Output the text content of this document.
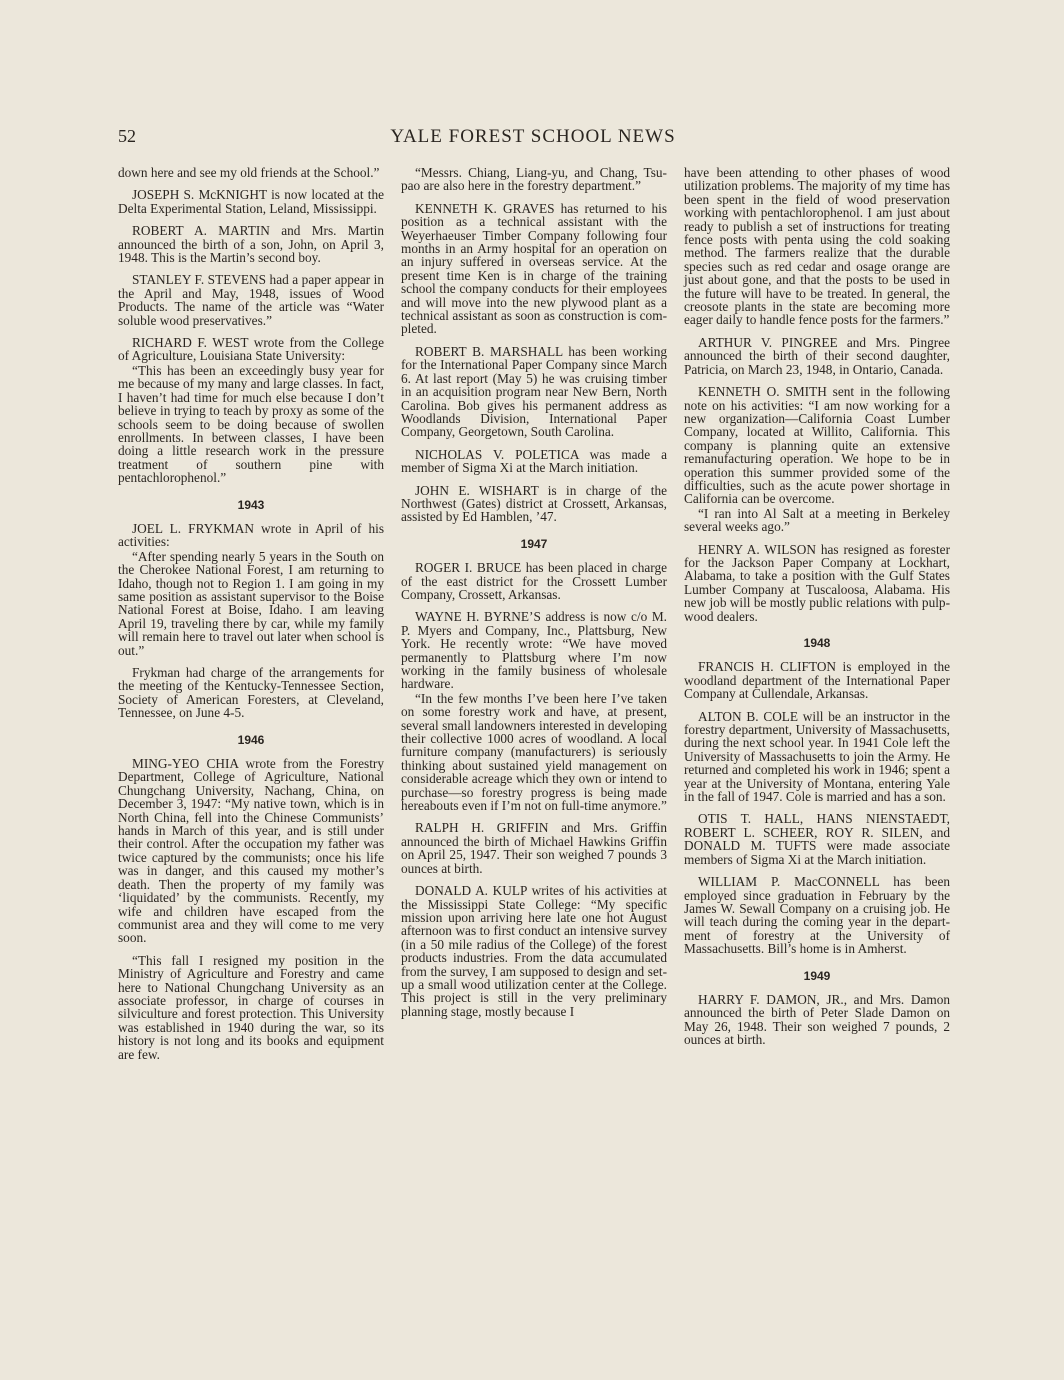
52	YALE FOREST SCHOOL NEWS

down here and see my old friends at the School.”

JOSEPH S. McKNIGHT is now located at the Delta Experimental Station, Leland, Mississippi.

ROBERT A. MARTIN and Mrs. Martin announced the birth of a son, John, on April 3, 1948. This is the Martin’s second boy.

STANLEY F. STEVENS had a paper appear in the April and May, 1948, issues of Wood Products. The name of the article was “Water soluble wood preservatives.”

RICHARD F. WEST wrote from the College of Agriculture, Louisiana State University:

“This has been an exceedingly busy year for me because of my many and large classes. In fact, I haven’t had time for much else because I don’t believe in trying to teach by proxy as some of the schools seem to be doing because of swollen enrollments. In between classes, I have been doing a little research work in the pressure treatment of southern pine with pentachlorophenol.”

1943

JOEL L. FRYKMAN wrote in April of his activities:

“After spending nearly 5 years in the South on the Cherokee National Forest, I am returning to Idaho, though not to Region 1. I am going in my same position as assistant supervisor to the Boise National Forest at Boise, Idaho. I am leaving April 19, traveling there by car, while my family will remain here to travel out later when school is out.”

Frykman had charge of the arrangements for the meeting of the Kentucky-Tennessee Section, Society of American Foresters, at Cleveland, Tennessee, on June 4-5.

1946

MING-YEO CHIA wrote from the Forestry Department, College of Agriculture, National Chungchang University, Nachang, China, on December 3, 1947: “My native town, which is in North China, fell into the Chinese Communists’ hands in March of this year, and is still under their control. After the occupation my father was twice captured by the communists; once his life was in danger, and this caused my mother’s death. Then the property of my family was ‘liquidated’ by the communists. Recently, my wife and children have escaped from the communist area and they will come to me very soon.

“This fall I resigned my position in the Ministry of Agriculture and Forestry and came here to National Chungchang University as an associate professor, in charge of courses in silviculture and forest protection. This University was established in 1940 during the war, so its history is not long and its books and equipment are few.

“Messrs. Chiang, Liang-yu, and Chang, Tsu-pao are also here in the forestry department.”

KENNETH K. GRAVES has returned to his position as a technical assistant with the Weyerhaeuser Timber Company following four months in an Army hospital for an operation on an injury suffered in overseas service. At the present time Ken is in charge of the training school the company conducts for their employees and will move into the new plywood plant as a technical assistant as soon as construction is completed.

ROBERT B. MARSHALL has been working for the International Paper Company since March 6. At last report (May 5) he was cruising timber in an acquisition program near New Bern, North Carolina. Bob gives his permanent address as Woodlands Division, International Paper Company, Georgetown, South Carolina.

NICHOLAS V. POLETICA was made a member of Sigma Xi at the March initiation.

JOHN E. WISHART is in charge of the Northwest (Gates) district at Crossett, Arkansas, assisted by Ed Hamblen, ’47.

1947

ROGER I. BRUCE has been placed in charge of the east district for the Crossett Lumber Company, Crossett, Arkansas.

WAYNE H. BYRNE’S address is now c/o M. P. Myers and Company, Inc., Plattsburg, New York. He recently wrote: “We have moved permanently to Plattsburg where I’m now working in the family business of wholesale hardware.

“In the few months I’ve been here I’ve taken on some forestry work and have, at present, several small landowners interested in developing their collective 1000 acres of woodland. A local furniture company (manufacturers) is seriously thinking about sustained yield management on considerable acreage which they own or intend to purchase—so forestry progress is being made hereabouts even if I’m not on full-time anymore.”

RALPH H. GRIFFIN and Mrs. Griffin announced the birth of Michael Hawkins Griffin on April 25, 1947. Their son weighed 7 pounds 3 ounces at birth.

DONALD A. KULP writes of his activities at the Mississippi State College: “My specific mission upon arriving here late one hot August afternoon was to first conduct an intensive survey (in a 50 mile radius of the College) of the forest products industries. From the data accumulated from the survey, I am supposed to design and set-up a small wood utilization center at the College. This project is still in the very preliminary planning stage, mostly because I

have been attending to other phases of wood utilization problems. The majority of my time has been spent in the field of wood preservation working with pentachlorophenol. I am just about ready to publish a set of instructions for treating fence posts with penta using the cold soaking method. The farmers realize that the durable species such as red cedar and osage orange are just about gone, and that the posts to be used in the future will have to be treated. In general, the creosote plants in the state are becoming more eager daily to handle fence posts for the farmers.”

ARTHUR V. PINGREE and Mrs. Pingree announced the birth of their second daughter, Patricia, on March 23, 1948, in Ontario, Canada.

KENNETH O. SMITH sent in the following note on his activities: “I am now working for a new organization—California Coast Lumber Company, located at Willito, California. This company is planning quite an extensive remanufacturing operation. We hope to be in operation this summer provided some of the difficulties, such as the acute power shortage in California can be overcome.

“I ran into Al Salt at a meeting in Berkeley several weeks ago.”

HENRY A. WILSON has resigned as forester for the Jackson Paper Company at Lockhart, Alabama, to take a position with the Gulf States Lumber Company at Tuscaloosa, Alabama. His new job will be mostly public relations with pulpwood dealers.

1948

FRANCIS H. CLIFTON is employed in the woodland department of the International Paper Company at Cullendale, Arkansas.

ALTON B. COLE will be an instructor in the forestry department, University of Massachusetts, during the next school year. In 1941 Cole left the University of Massachusetts to join the Army. He returned and completed his work in 1946; spent a year at the University of Montana, entering Yale in the fall of 1947. Cole is married and has a son.

OTIS T. HALL, HANS NIENSTAEDT, ROBERT L. SCHEER, ROY R. SILEN, and DONALD M. TUFTS were made associate members of Sigma Xi at the March initiation.

WILLIAM P. MacCONNELL has been employed since graduation in February by the James W. Sewall Company on a cruising job. He will teach during the coming year in the department of forestry at the University of Massachusetts. Bill’s home is in Amherst.

1949

HARRY F. DAMON, JR., and Mrs. Damon announced the birth of Peter Slade Damon on May 26, 1948. Their son weighed 7 pounds, 2 ounces at birth.
